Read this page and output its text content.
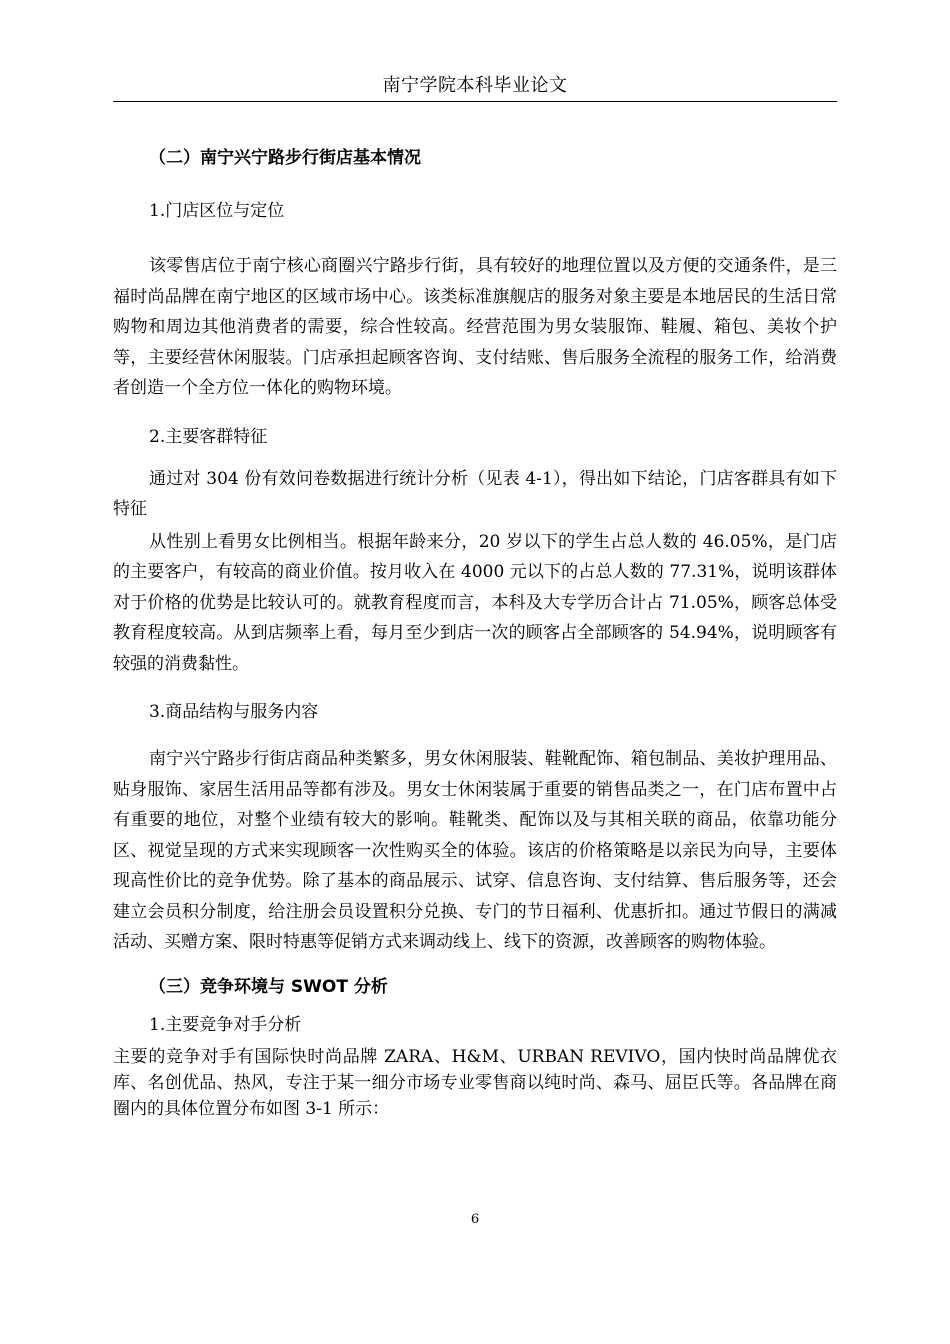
南宁学院本科毕业论文
（二）南宁兴宁路步行街店基本情况
1.门店区位与定位

该零售店位于南宁核心商圈兴宁路步行街，具有较好的地理位置以及方便的交通条件，是三福时尚品牌在南宁地区的区域市场中心。该类标准旗舰店的服务对象主要是本地居民的生活日常购物和周边其他消费者的需要，综合性较高。经营范围为男女装服饰、鞋履、箱包、美妆个护等，主要经营休闲服装。门店承担起顾客咨询、支付结账、售后服务全流程的服务工作，给消费者创造一个全方位一体化的购物环境。

2.主要客群特征

通过对 304 份有效问卷数据进行统计分析（见表 4-1），得出如下结论，门店客群具有如下特征

从性别上看男女比例相当。根据年龄来分，20 岁以下的学生占总人数的 46.05%，是门店的主要客户，有较高的商业价值。按月收入在 4000 元以下的占总人数的 77.31%，说明该群体对于价格的优势是比较认可的。就教育程度而言，本科及大专学历合计占 71.05%，顾客总体受教育程度较高。从到店频率上看，每月至少到店一次的顾客占全部顾客的 54.94%，说明顾客有较强的消费黏性。

3.商品结构与服务内容

南宁兴宁路步行街店商品种类繁多，男女休闲服装、鞋靴配饰、箱包制品、美妆护理用品、贴身服饰、家居生活用品等都有涉及。男女士休闲装属于重要的销售品类之一，在门店布置中占有重要的地位，对整个业绩有较大的影响。鞋靴类、配饰以及与其相关联的商品，依靠功能分区、视觉呈现的方式来实现顾客一次性购买全的体验。该店的价格策略是以亲民为向导，主要体现高性价比的竞争优势。除了基本的商品展示、试穿、信息咨询、支付结算、售后服务等，还会建立会员积分制度，给注册会员设置积分兑换、专门的节日福利、优惠折扣。通过节假日的满减活动、买赠方案、限时特惠等促销方式来调动线上、线下的资源，改善顾客的购物体验。

（三）竞争环境与 SWOT 分析
1.主要竞争对手分析

主要的竞争对手有国际快时尚品牌 ZARA、H&M、URBAN REVIVO，国内快时尚品牌优衣库、名创优品、热风，专注于某一细分市场专业零售商以纯时尚、森马、屈臣氏等。各品牌在商圈内的具体位置分布如图 3-1 所示：

6
